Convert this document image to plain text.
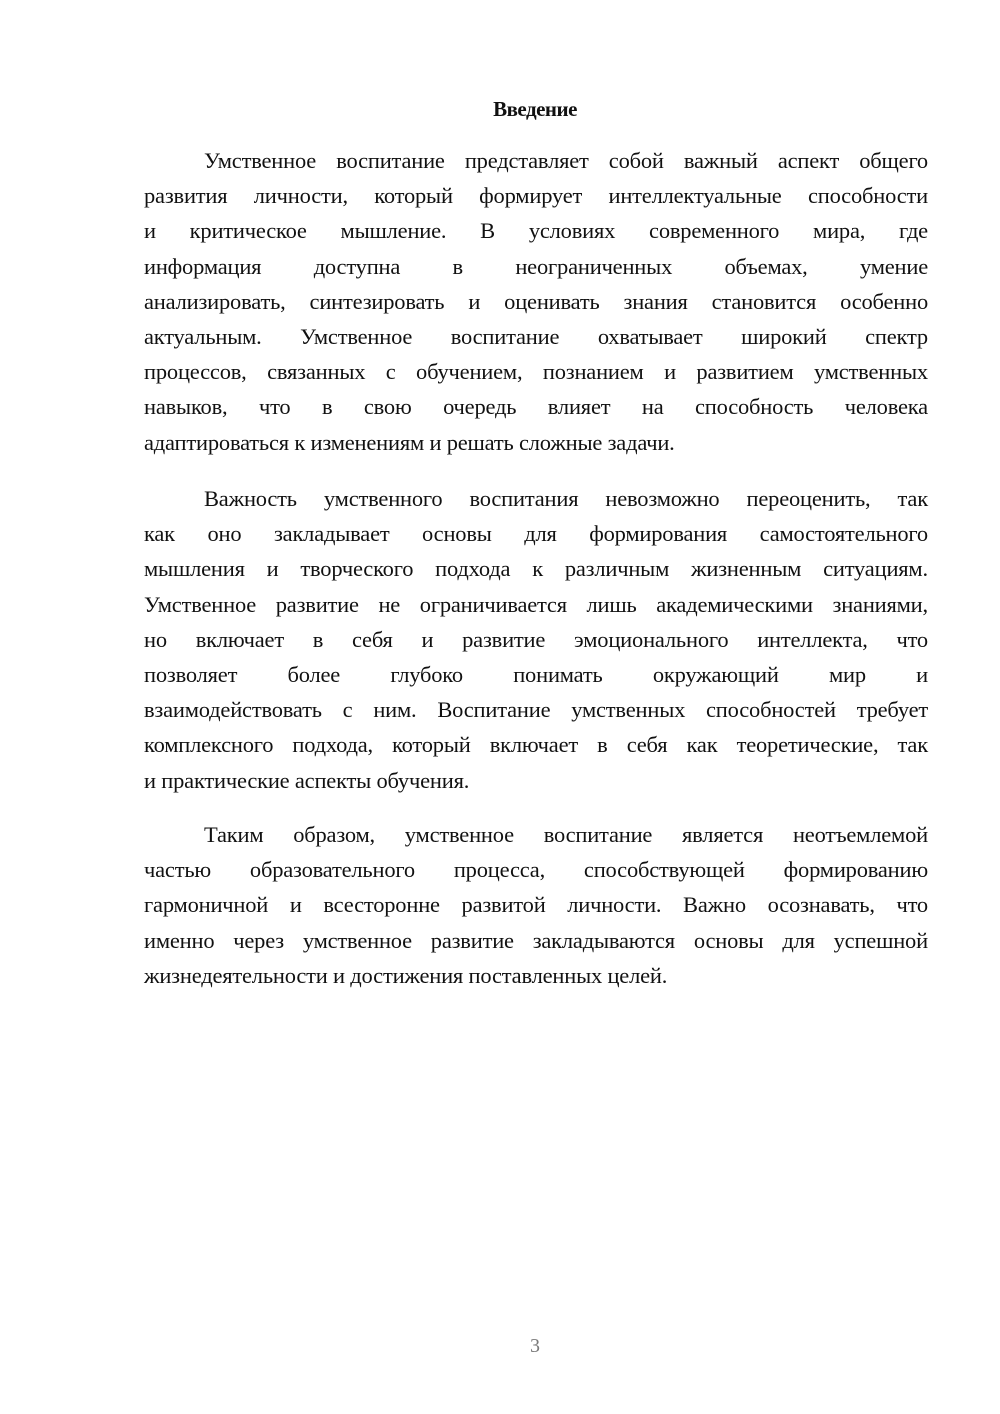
Введение
Умственное воспитание представляет собой важный аспект общего
развития личности, который формирует интеллектуальные способности
и критическое мышление. В условиях современного мира, где
информация доступна в неограниченных объемах, умение
анализировать, синтезировать и оценивать знания становится особенно
актуальным. Умственное воспитание охватывает широкий спектр
процессов, связанных с обучением, познанием и развитием умственных
навыков, что в свою очередь влияет на способность человека
адаптироваться к изменениям и решать сложные задачи.
Важность умственного воспитания невозможно переоценить, так
как оно закладывает основы для формирования самостоятельного
мышления и творческого подхода к различным жизненным ситуациям.
Умственное развитие не ограничивается лишь академическими знаниями,
но включает в себя и развитие эмоционального интеллекта, что
позволяет более глубоко понимать окружающий мир и
взаимодействовать с ним. Воспитание умственных способностей требует
комплексного подхода, который включает в себя как теоретические, так
и практические аспекты обучения.
Таким образом, умственное воспитание является неотъемлемой
частью образовательного процесса, способствующей формированию
гармоничной и всесторонне развитой личности. Важно осознавать, что
именно через умственное развитие закладываются основы для успешной
жизнедеятельности и достижения поставленных целей.
3
